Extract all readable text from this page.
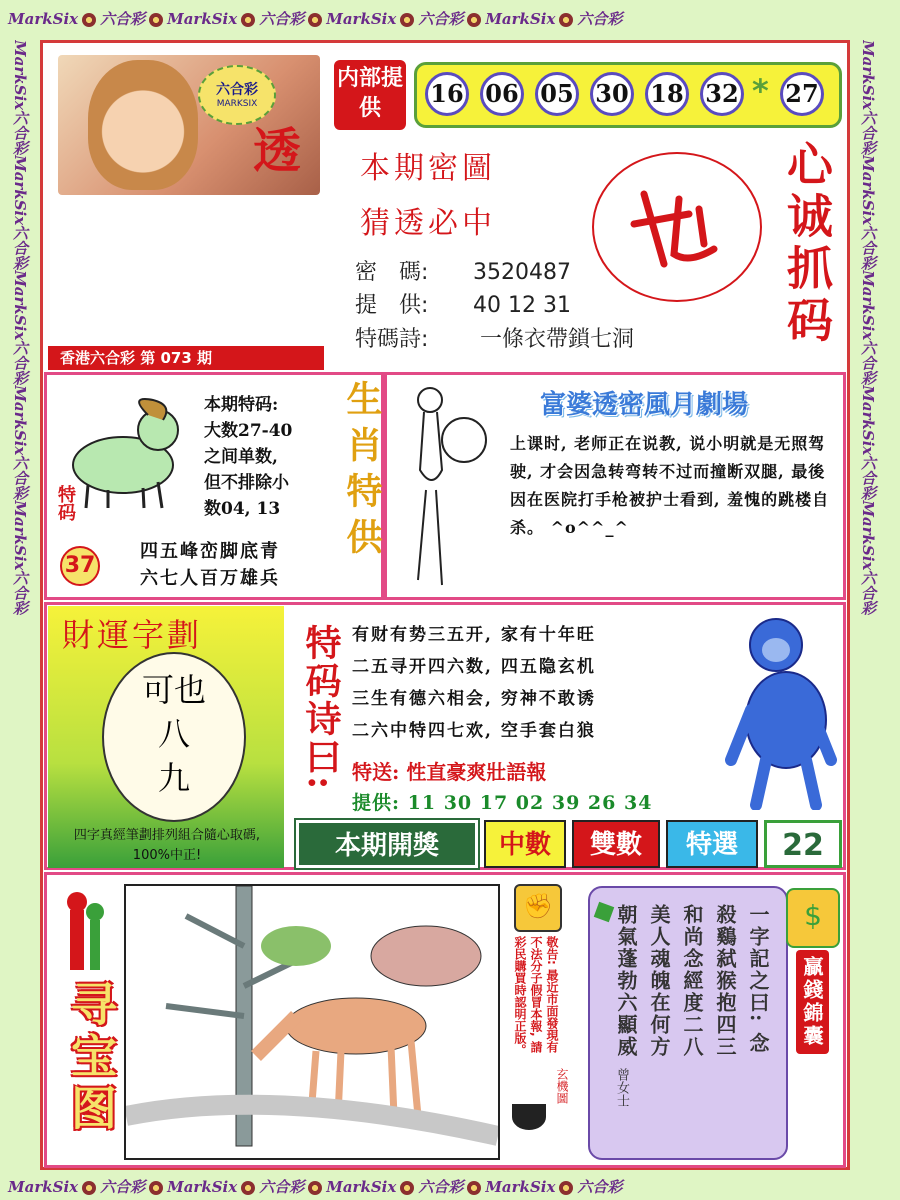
MarkSix 六合彩 MarkSix 六合彩 MarkSix 六合彩 MarkSix 六合彩
MarkSix 六合彩 MarkSix 六合彩 MarkSix 六合彩 MarkSix 六合彩
MarkSix六合彩MarkSix六合彩MarkSix六合彩MarkSix六合彩MarkSix六合彩
MarkSix六合彩MarkSix六合彩MarkSix六合彩MarkSix六合彩MarkSix六合彩
六合彩
MARKSIX
透
香港六合彩 第 073 期
内部提供
16 06 05 30 18 32 * 27
本期密圖
猜透必中
密　碼: 3520487
提　供: 40 12 31
特碼詩: 一條衣帶鎖七洞	心诚抓码
特码
37
本期特码:
大数27-40
之间单数,
但不排除小
数04, 13
四五峰峦脚底青
六七人百万雄兵
生肖特供	富婆透密風月劇場
上课时, 老师正在说教, 说小明就是无照驾驶, 才会因急转弯转不过而撞断双腿, 最後因在医院打手枪被护士看到, 羞愧的跳楼自杀。 ^o^^_^
財運字劃
可也
八
九
四字真經筆劃排列組合隨心取碼, 100%中正!
特码诗曰: 有财有势三五开, 家有十年旺
二五寻开四六数, 四五隐玄机
三生有德六相会, 穷神不敢诱
二六中特四七欢, 空手套白狼
特送: 性直豪爽壯語報
提供: 11 30 17 02 39 26 34
本期開獎	中數	雙數	特選	22
寻宝图
✊
敬告: 最近市面發現有不法分子假冒本報, 請彩民購買時認明正版。
玄機圖
一字記之曰: 念
殺鷄弑猴抱四三
和尚念經度二八
美人魂魄在何方
朝氣蓬勃六顯威
曾女士
$
贏錢錦囊
